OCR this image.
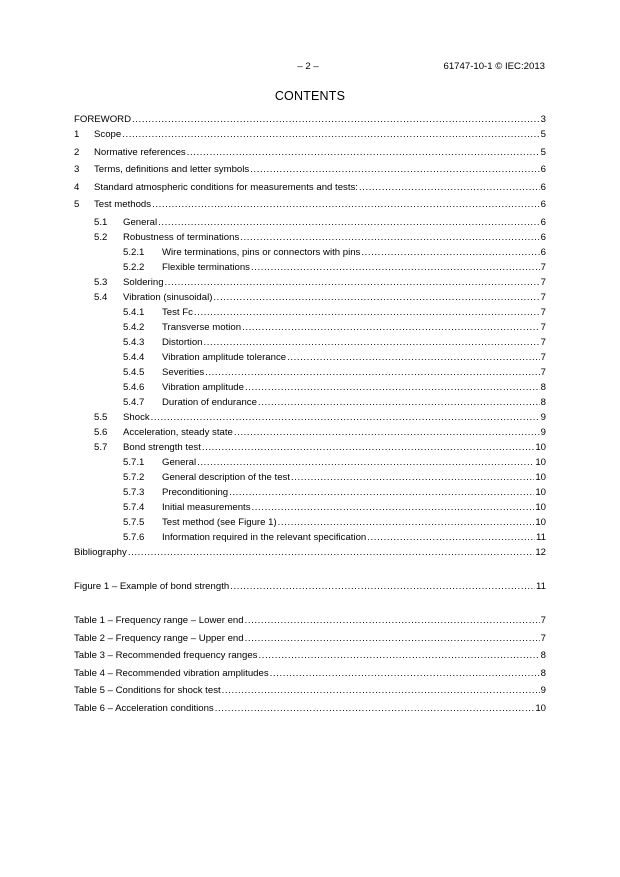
– 2 –	61747-10-1 © IEC:2013
CONTENTS
FOREWORD .....	3
1 Scope .....	5
2 Normative references .....	5
3 Terms, definitions and letter symbols .....	6
4 Standard atmospheric conditions for measurements and tests: .....	6
5 Test methods .....	6
5.1 General .....	6
5.2 Robustness of terminations .....	6
5.2.1 Wire terminations, pins or connectors with pins .....	6
5.2.2 Flexible terminations .....	7
5.3 Soldering .....	7
5.4 Vibration (sinusoidal) .....	7
5.4.1 Test Fc .....	7
5.4.2 Transverse motion .....	7
5.4.3 Distortion .....	7
5.4.4 Vibration amplitude tolerance .....	7
5.4.5 Severities .....	7
5.4.6 Vibration amplitude .....	8
5.4.7 Duration of endurance .....	8
5.5 Shock .....	9
5.6 Acceleration, steady state .....	9
5.7 Bond strength test .....	10
5.7.1 General .....	10
5.7.2 General description of the test .....	10
5.7.3 Preconditioning .....	10
5.7.4 Initial measurements .....	10
5.7.5 Test method (see Figure 1) .....	10
5.7.6 Information required in the relevant specification .....	11
Bibliography .....	12
Figure 1 – Example of bond strength .....	11
Table 1 – Frequency range – Lower end .....	7
Table 2 – Frequency range – Upper end .....	7
Table 3 – Recommended frequency ranges .....	8
Table 4 – Recommended vibration amplitudes .....	8
Table 5 – Conditions for shock test .....	9
Table 6 – Acceleration conditions .....	10
